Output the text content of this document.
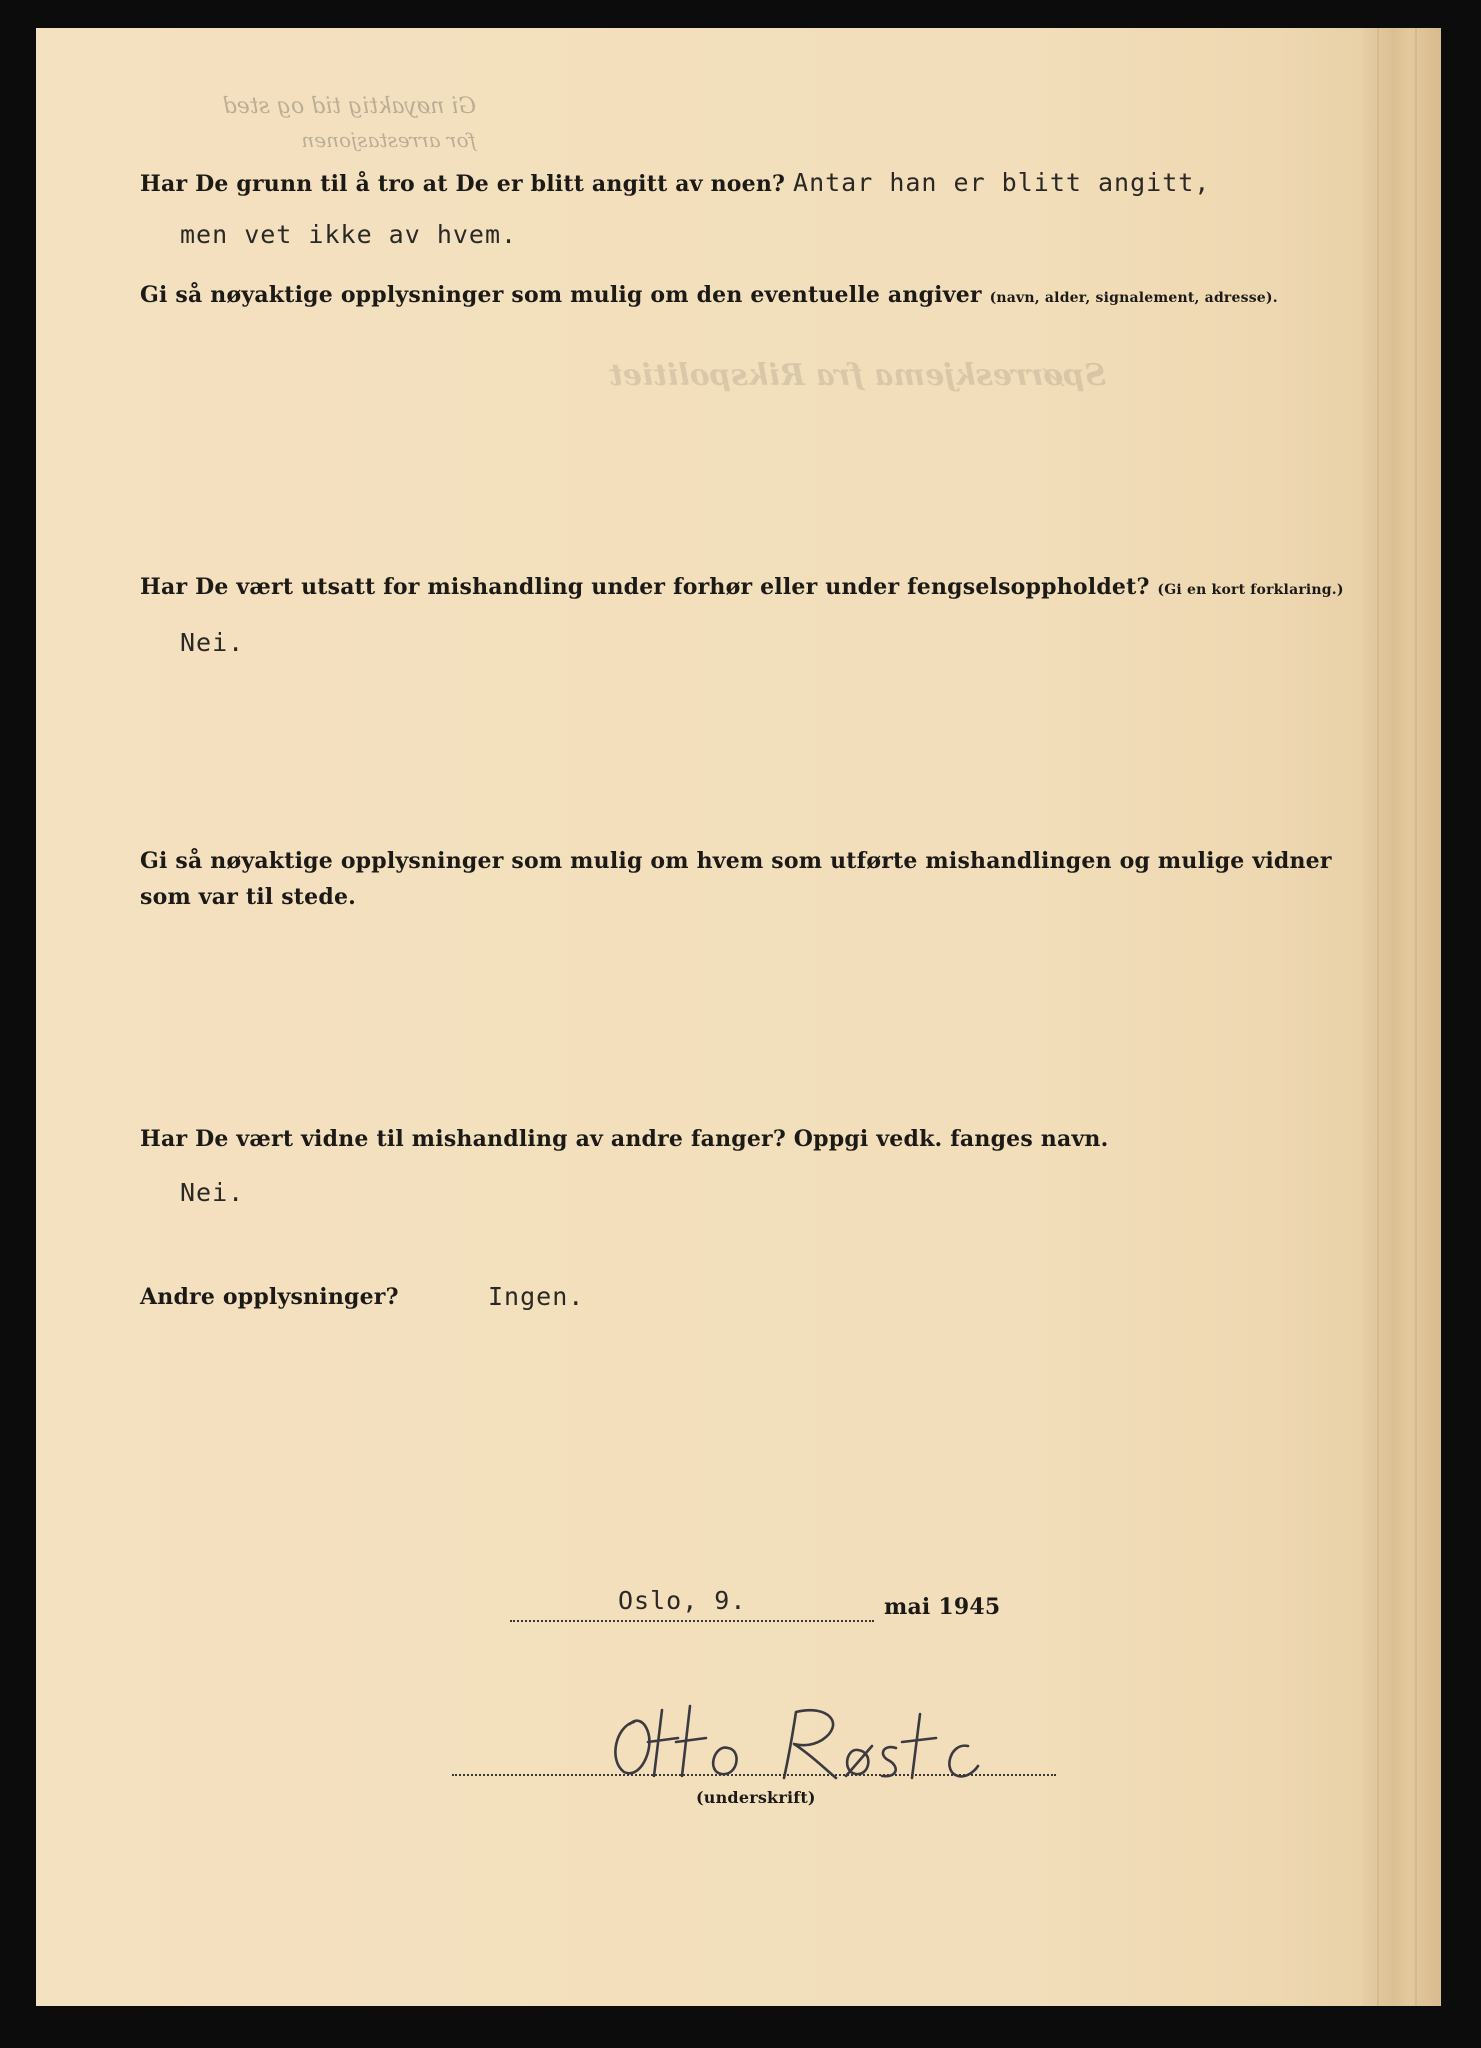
Gi nøyaktig tid og sted

for arrestasjonen

Spørreskjema fra Rikspolitiet

Har De grunn til å tro at De er blitt angitt av noen? Antar han er blitt angitt,

men vet ikke av hvem.

Gi så nøyaktige opplysninger som mulig om den eventuelle angiver (navn, alder, signalement, adresse).

Har De vært utsatt for mishandling under forhør eller under fengselsoppholdet? (Gi en kort forklaring.)

Nei.

Gi så nøyaktige opplysninger som mulig om hvem som utførte mishandlingen og mulige vidner

som var til stede.

Har De vært vidne til mishandling av andre fanger? Oppgi vedk. fanges navn.

Nei.

Andre opplysninger?	Ingen.

Oslo, 9.	mai 1945

(underskrift)
